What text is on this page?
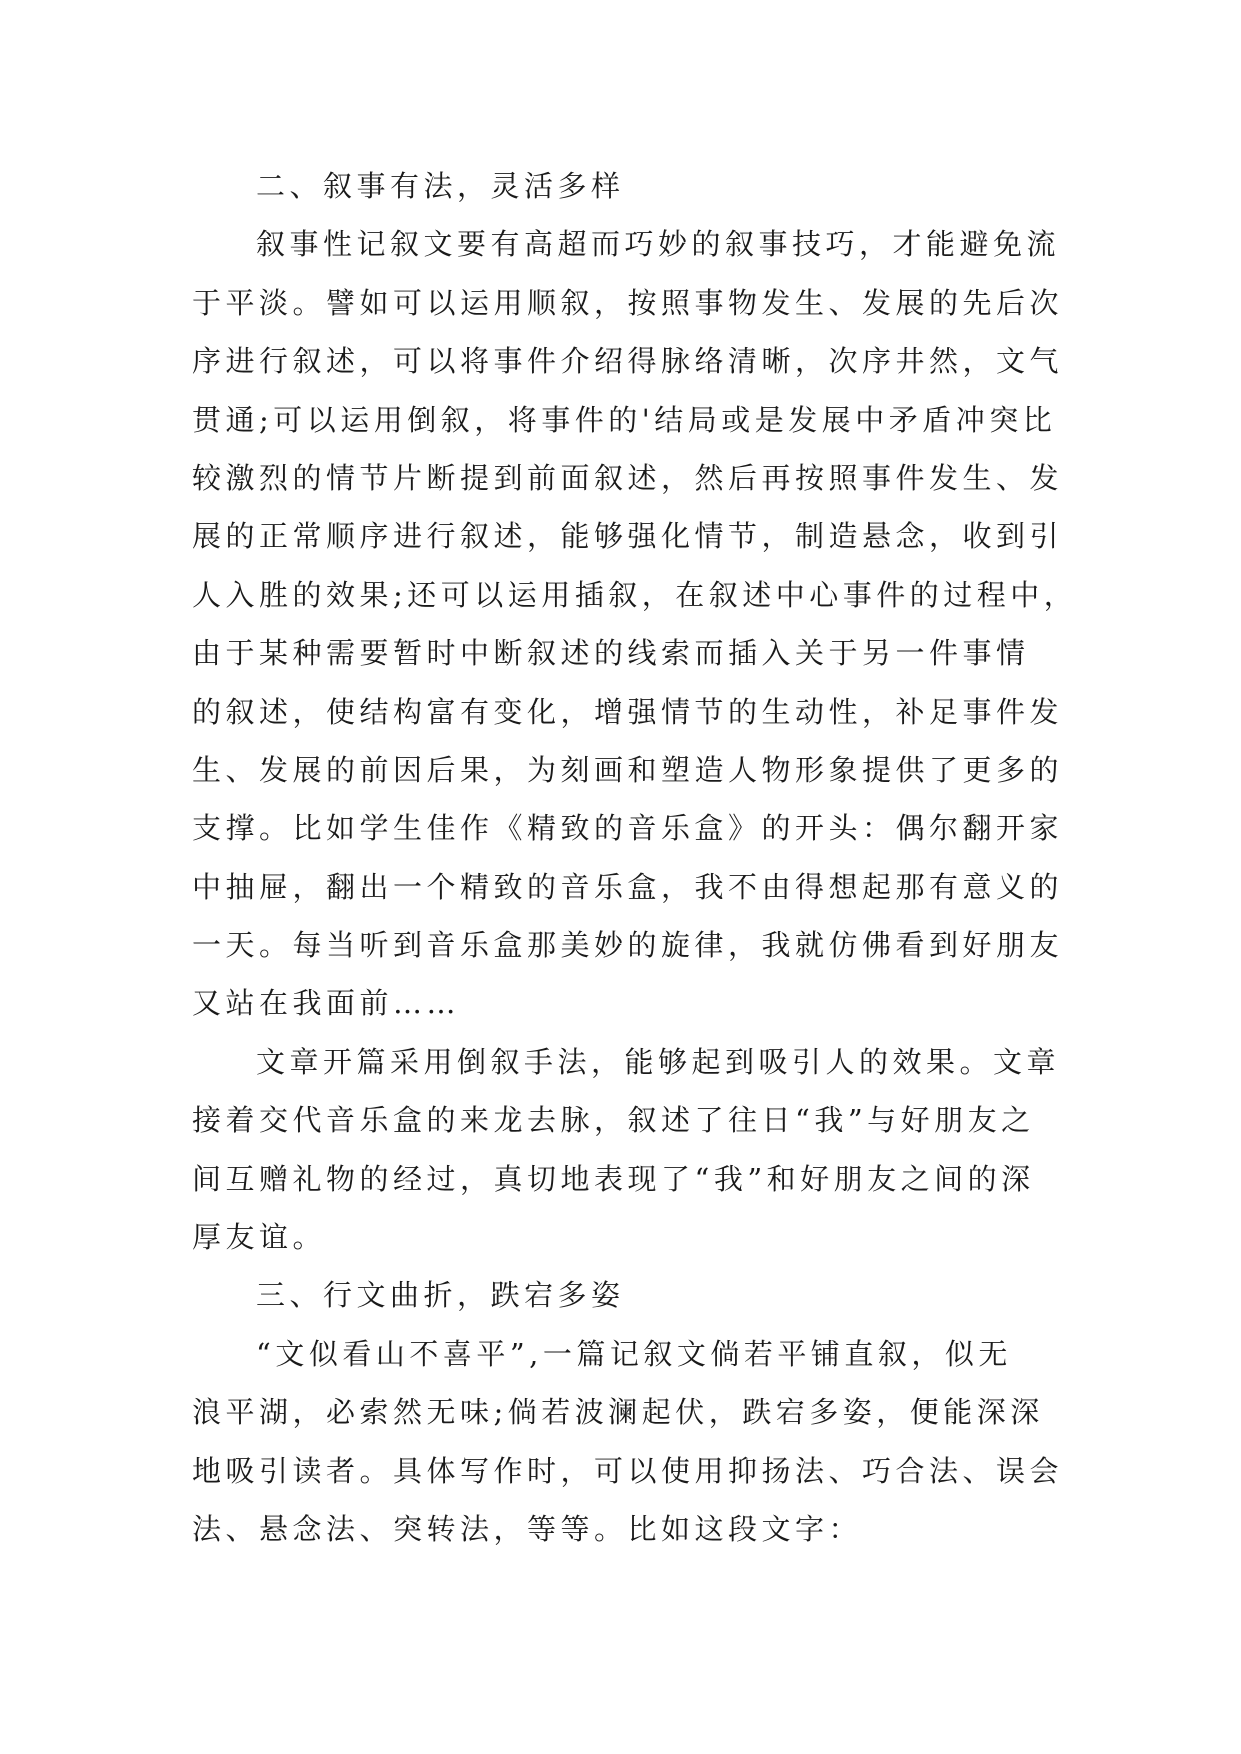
二、叙事有法，灵活多样
叙事性记叙文要有高超而巧妙的叙事技巧，才能避免流
于平淡。譬如可以运用顺叙，按照事物发生、发展的先后次
序进行叙述，可以将事件介绍得脉络清晰，次序井然，文气
贯通;可以运用倒叙，将事件的'结局或是发展中矛盾冲突比
较激烈的情节片断提到前面叙述，然后再按照事件发生、发
展的正常顺序进行叙述，能够强化情节，制造悬念，收到引
人入胜的效果;还可以运用插叙，在叙述中心事件的过程中，
由于某种需要暂时中断叙述的线索而插入关于另一件事情
的叙述，使结构富有变化，增强情节的生动性，补足事件发
生、发展的前因后果，为刻画和塑造人物形象提供了更多的
支撑。比如学生佳作《精致的音乐盒》的开头：偶尔翻开家
中抽屉，翻出一个精致的音乐盒，我不由得想起那有意义的
一天。每当听到音乐盒那美妙的旋律，我就仿佛看到好朋友
又站在我面前……
文章开篇采用倒叙手法，能够起到吸引人的效果。文章
接着交代音乐盒的来龙去脉，叙述了往日“我”与好朋友之
间互赠礼物的经过，真切地表现了“我”和好朋友之间的深
厚友谊。
三、行文曲折，跌宕多姿
“文似看山不喜平”,一篇记叙文倘若平铺直叙，似无
浪平湖，必索然无味;倘若波澜起伏，跌宕多姿，便能深深
地吸引读者。具体写作时，可以使用抑扬法、巧合法、误会
法、悬念法、突转法，等等。比如这段文字：
